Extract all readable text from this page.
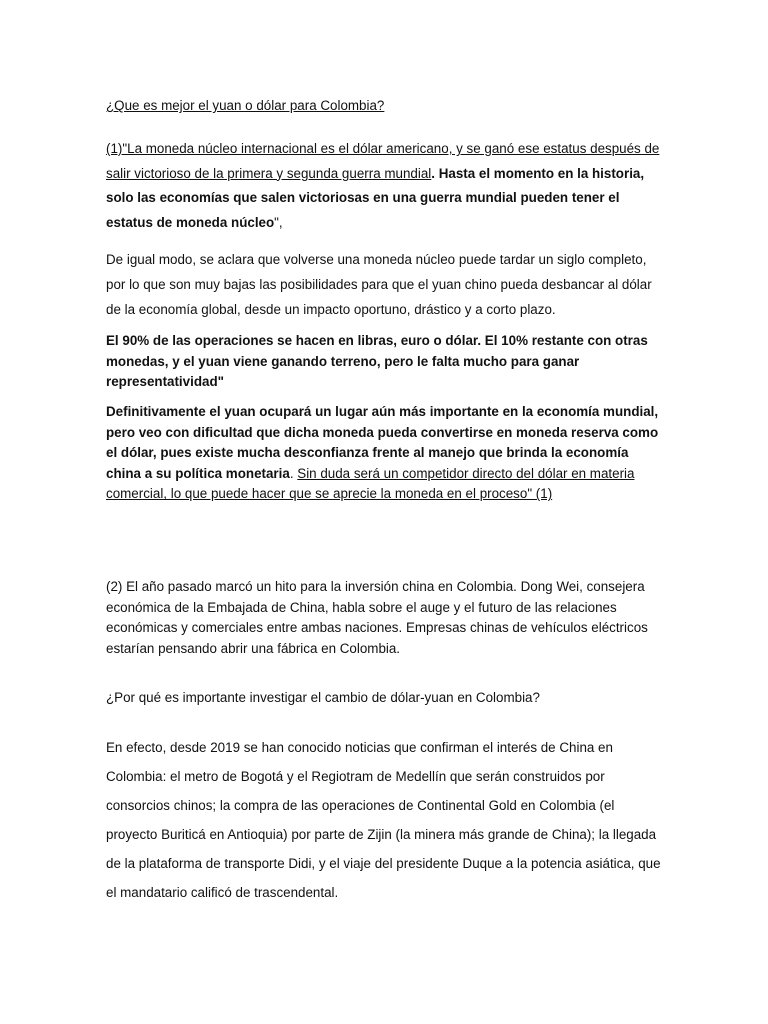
¿Que es mejor el yuan o dólar para Colombia?

(1)"La moneda núcleo internacional es el dólar americano, y se ganó ese estatus después de salir victorioso de la primera y segunda guerra mundial. Hasta el momento en la historia, solo las economías que salen victoriosas en una guerra mundial pueden tener el estatus de moneda núcleo",

De igual modo, se aclara que volverse una moneda núcleo puede tardar un siglo completo, por lo que son muy bajas las posibilidades para que el yuan chino pueda desbancar al dólar de la economía global, desde un impacto oportuno, drástico y a corto plazo.

El 90% de las operaciones se hacen en libras, euro o dólar. El 10% restante con otras monedas, y el yuan viene ganando terreno, pero le falta mucho para ganar representatividad"

Definitivamente el yuan ocupará un lugar aún más importante en la economía mundial, pero veo con dificultad que dicha moneda pueda convertirse en moneda reserva como el dólar, pues existe mucha desconfianza frente al manejo que brinda la economía china a su política monetaria. Sin duda será un competidor directo del dólar en materia comercial, lo que puede hacer que se aprecie la moneda en el proceso" (1)

(2) El año pasado marcó un hito para la inversión china en Colombia. Dong Wei, consejera económica de la Embajada de China, habla sobre el auge y el futuro de las relaciones económicas y comerciales entre ambas naciones. Empresas chinas de vehículos eléctricos estarían pensando abrir una fábrica en Colombia.

¿Por qué es importante investigar el cambio de dólar-yuan en Colombia?

En efecto, desde 2019 se han conocido noticias que confirman el interés de China en Colombia: el metro de Bogotá y el Regiotram de Medellín que serán construidos por consorcios chinos; la compra de las operaciones de Continental Gold en Colombia (el proyecto Buriticá en Antioquia) por parte de Zijin (la minera más grande de China); la llegada de la plataforma de transporte Didi, y el viaje del presidente Duque a la potencia asiática, que el mandatario calificó de trascendental.
